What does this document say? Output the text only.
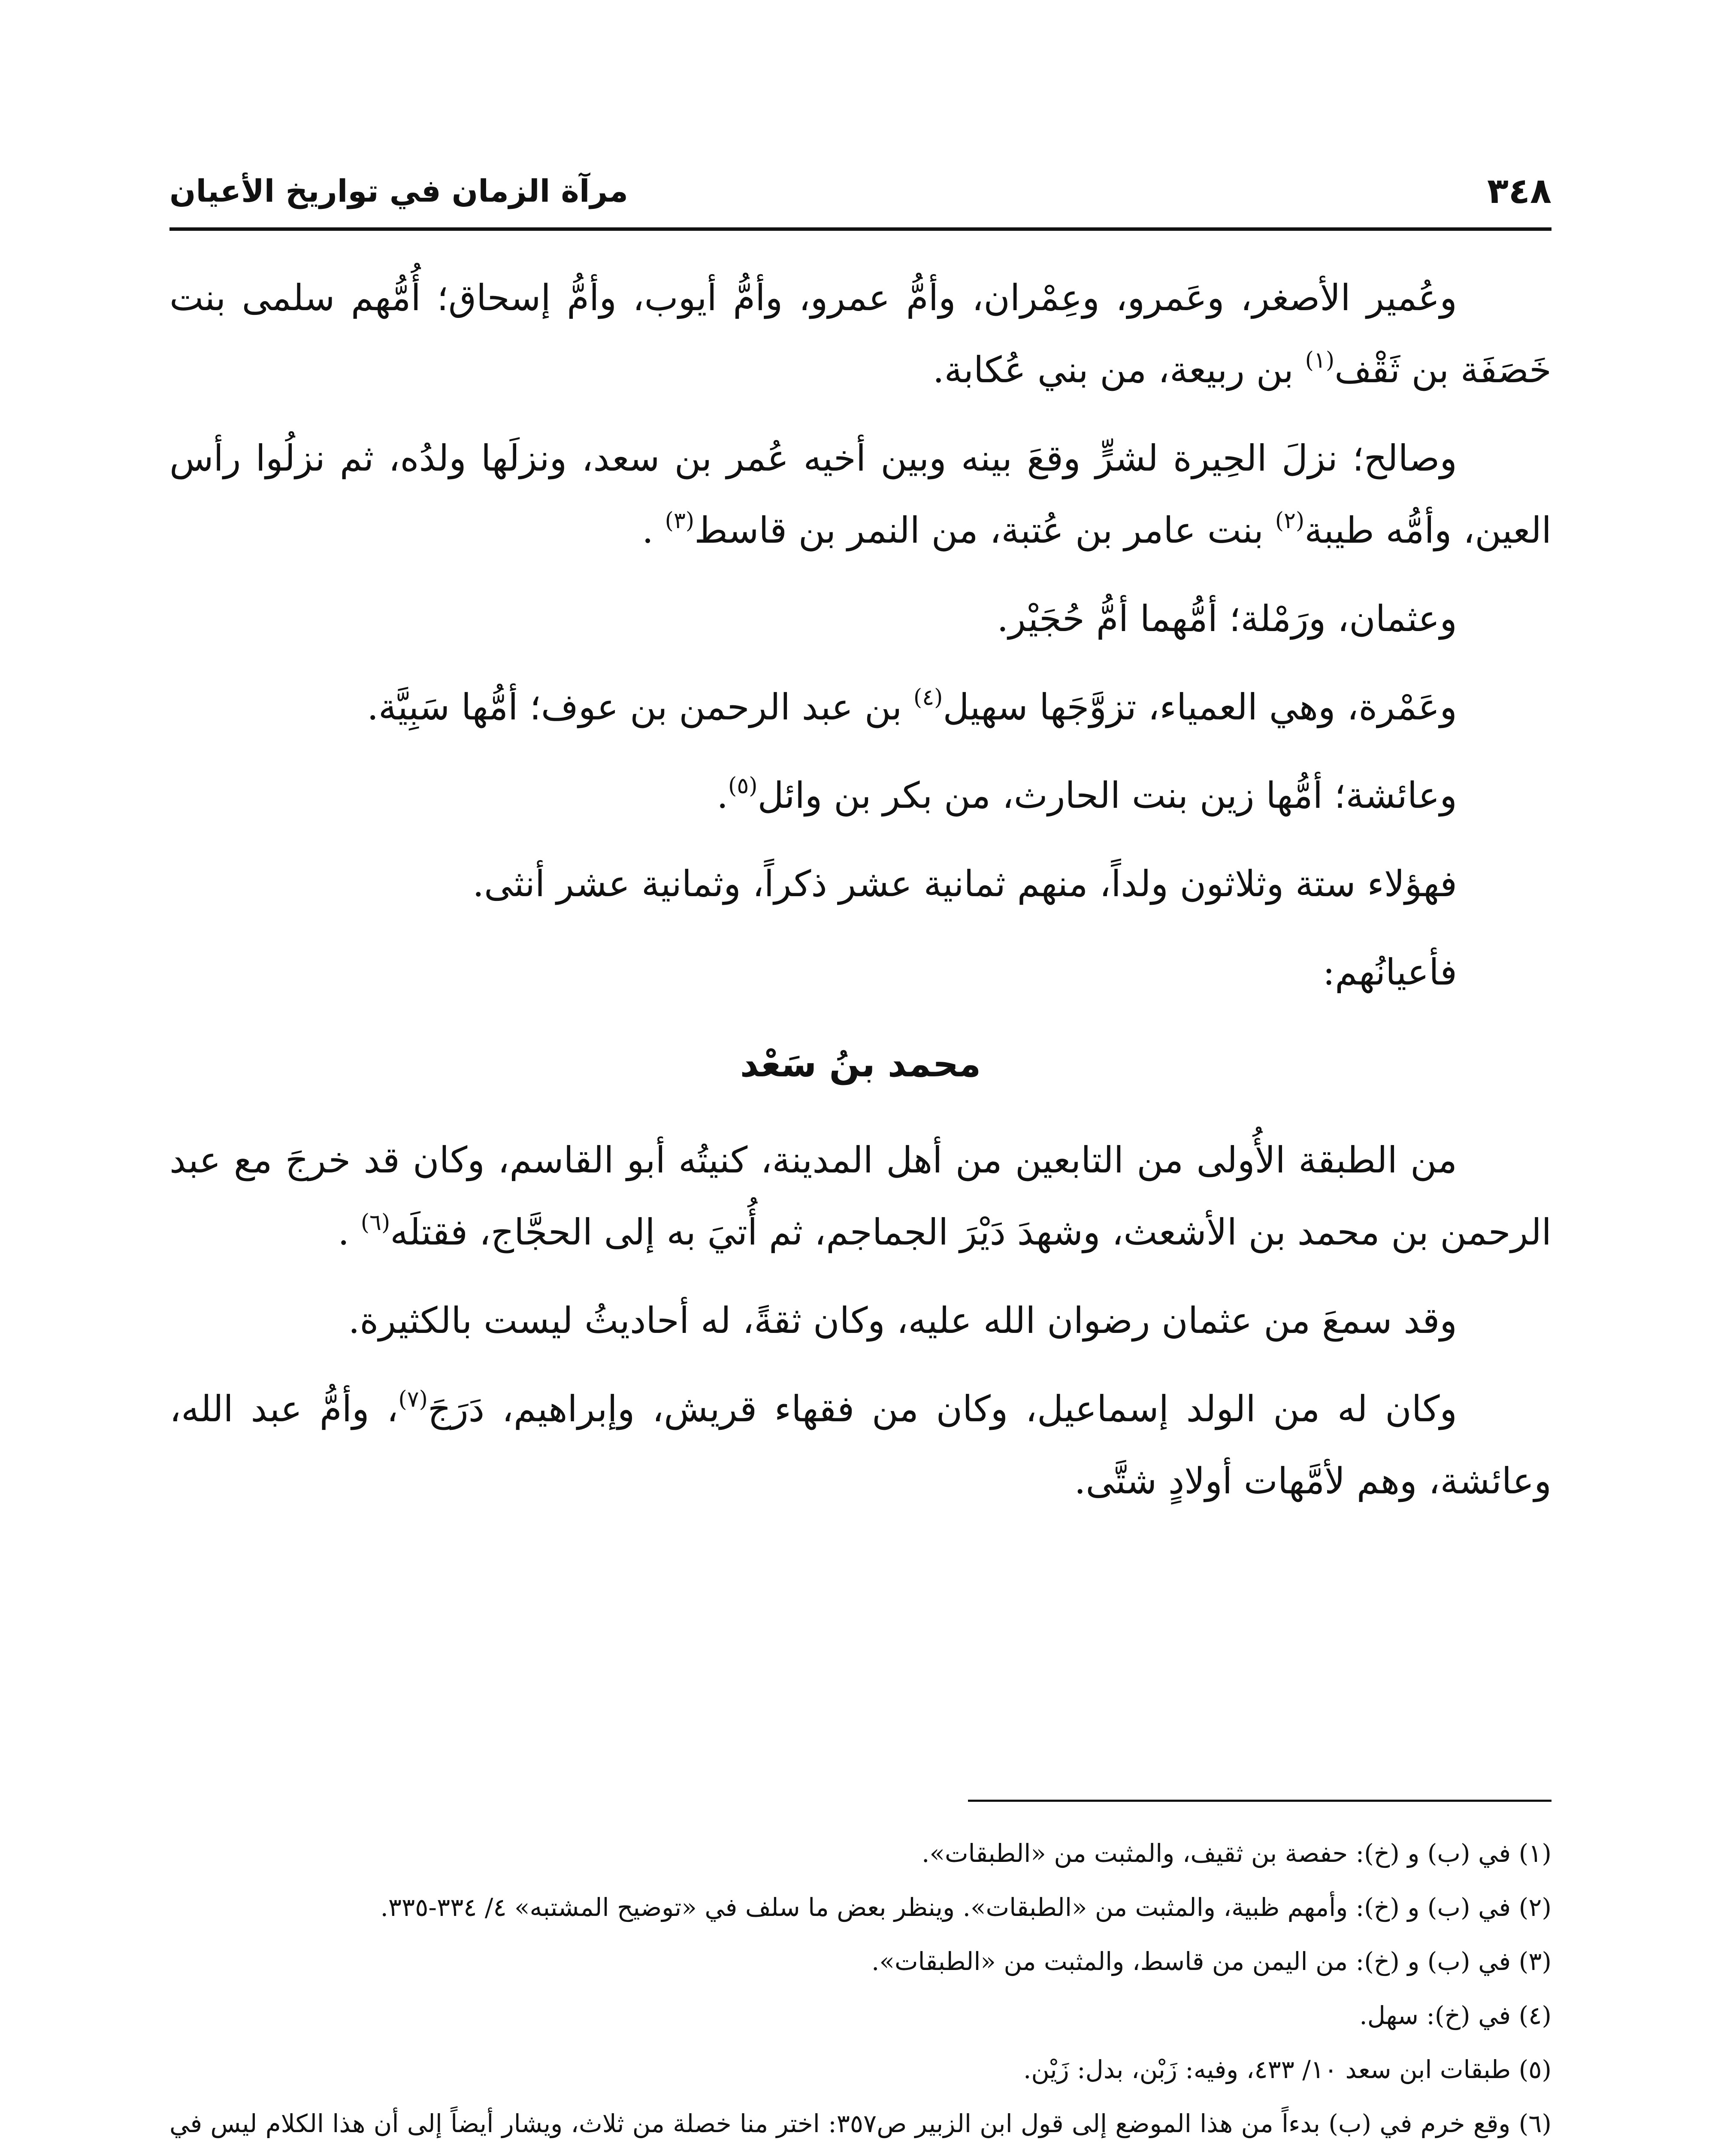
٣٤٨
مرآة الزمان في تواريخ الأعيان

وعُمير الأصغر، وعَمرو، وعِمْران، وأمُّ عمرو، وأمُّ أيوب، وأمُّ إسحاق؛ أُمُّهم سلمى بنت خَصَفَة بن ثَقْف$^{(١)}$ بن ربيعة، من بني عُكابة.

وصالح؛ نزلَ الحِيرة لشرٍّ وقعَ بينه وبين أخيه عُمر بن سعد، ونزلَها ولدُه، ثم نزلُوا رأس العين، وأمُّه طيبة$^{(٢)}$ بنت عامر بن عُتبة، من النمر بن قاسط$^{(٣)}$ .

وعثمان، ورَمْلة؛ أمُّهما أمُّ حُجَيْر.

وعَمْرة، وهي العمياء، تزوَّجَها سهيل$^{(٤)}$ بن عبد الرحمن بن عوف؛ أمُّها سَبِيَّة.

وعائشة؛ أمُّها زين بنت الحارث، من بكر بن وائل$^{(٥)}$.

فهؤلاء ستة وثلاثون ولداً، منهم ثمانية عشر ذكراً، وثمانية عشر أنثى.

فأعيانُهم:

محمد بنُ سَعْد

من الطبقة الأُولى من التابعين من أهل المدينة، كنيتُه أبو القاسم، وكان قد خرجَ مع عبد الرحمن بن محمد بن الأشعث، وشهدَ دَيْرَ الجماجم، ثم أُتيَ به إلى الحجَّاج، فقتلَه$^{(٦)}$ .

وقد سمعَ من عثمان رضوان الله عليه، وكان ثقةً، له أحاديثُ ليست بالكثيرة.

وكان له من الولد إسماعيل، وكان من فقهاء قريش، وإبراهيم، دَرَجَ$^{(٧)}$، وأمُّ عبد الله، وعائشة، وهم لأمَّهات أولادٍ شتَّى.

(١) في (ب) و (خ): حفصة بن ثقيف، والمثبت من «الطبقات».

(٢) في (ب) و (خ): وأمهم ظبية، والمثبت من «الطبقات». وينظر بعض ما سلف في «توضيح المشتبه» ٤/ ٣٣٤-٣٣٥.

(٣) في (ب) و (خ): من اليمن من قاسط، والمثبت من «الطبقات».

(٤) في (خ): سهل.

(٥) طبقات ابن سعد ١٠/ ٤٣٣، وفيه: زَبْن، بدل: زَيْن.

(٦) وقع خرم في (ب) بدءاً من هذا الموضع إلى قول ابن الزبير ص٣٥٧: اختر منا خصلة من ثلاث، ويشار أيضاً إلى أن هذا الكلام ليس في
